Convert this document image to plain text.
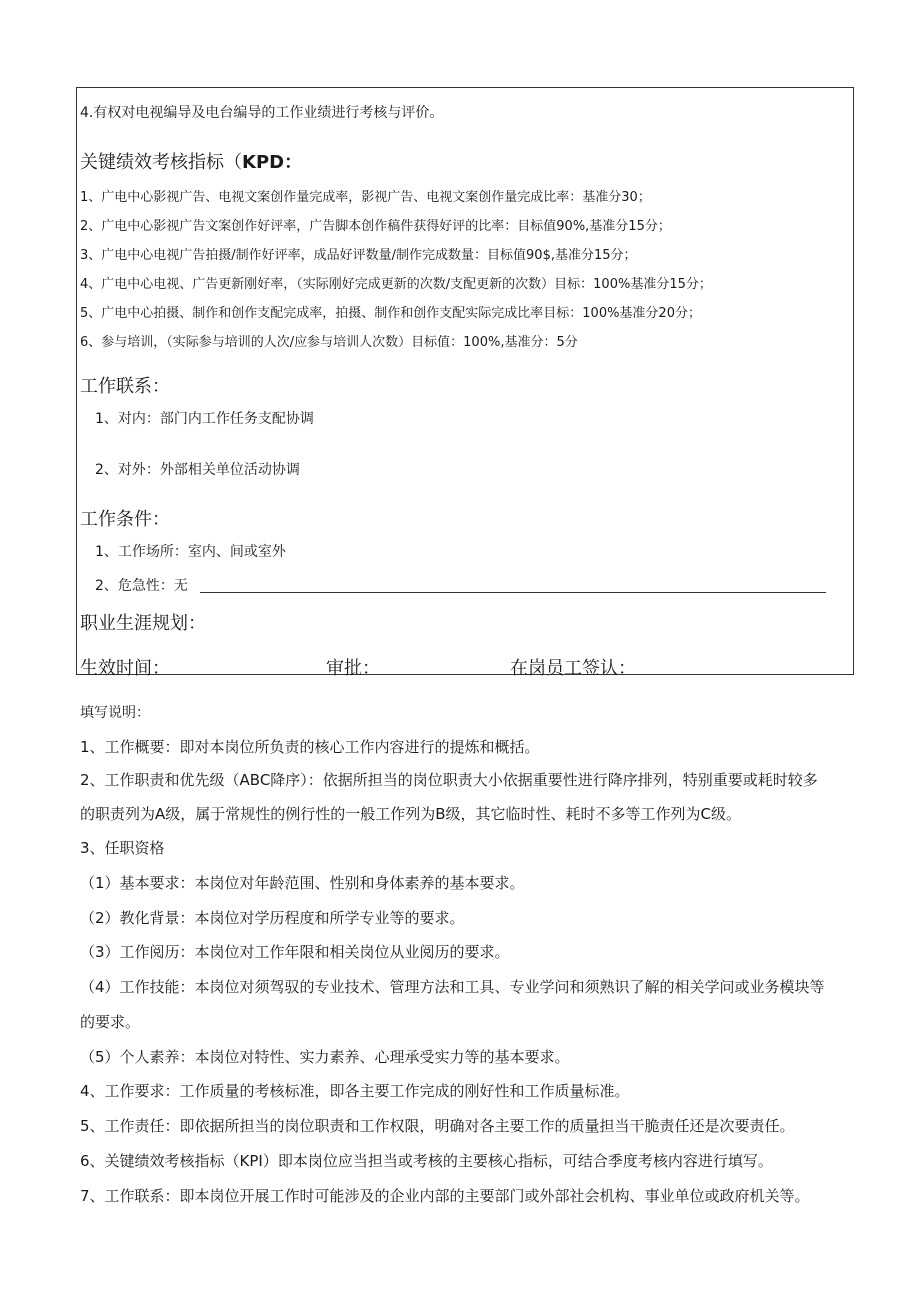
4.有权对电视编导及电台编导的工作业绩进行考核与评价。
关键绩效考核指标（KPD：
1、广电中心影视广告、电视文案创作量完成率，影视广告、电视文案创作量完成比率：基准分30；
2、广电中心影视广告文案创作好评率，广告脚本创作稿件获得好评的比率：目标值90%,基准分15分；
3、广电中心电视广告拍摄/制作好评率，成品好评数量/制作完成数量：目标值90$,基准分15分；
4、广电中心电视、广告更新刚好率，（实际刚好完成更新的次数/支配更新的次数）目标：100%基准分15分；
5、广电中心拍摄、制作和创作支配完成率，拍摄、制作和创作支配实际完成比率目标：100%基准分20分；
6、参与培训，（实际参与培训的人次/应参与培训人次数）目标值：100%,基准分：5分
工作联系：
1、对内：部门内工作任务支配协调
2、对外：外部相关单位活动协调
工作条件：
1、工作场所：室内、间或室外
2、危急性：无
职业生涯规划：
生效时间：	审批：	在岗员工签认：
填写说明：
1、工作概要：即对本岗位所负责的核心工作内容进行的提炼和概括。
2、工作职责和优先级（ABC降序）：依据所担当的岗位职责大小依据重要性进行降序排列，特别重要或耗时较多
的职责列为A级，属于常规性的例行性的一般工作列为B级，其它临时性、耗时不多等工作列为C级。
3、任职资格
（1）基本要求：本岗位对年龄范围、性别和身体素养的基本要求。
（2）教化背景：本岗位对学历程度和所学专业等的要求。
（3）工作阅历：本岗位对工作年限和相关岗位从业阅历的要求。
（4）工作技能：本岗位对须驾驭的专业技术、管理方法和工具、专业学问和须熟识了解的相关学问或业务模块等
的要求。
（5）个人素养：本岗位对特性、实力素养、心理承受实力等的基本要求。
4、工作要求：工作质量的考核标准，即各主要工作完成的刚好性和工作质量标准。
5、工作责任：即依据所担当的岗位职责和工作权限，明确对各主要工作的质量担当干脆责任还是次要责任。
6、关键绩效考核指标（KPI）即本岗位应当担当或考核的主要核心指标，可结合季度考核内容进行填写。
7、工作联系：即本岗位开展工作时可能涉及的企业内部的主要部门或外部社会机构、事业单位或政府机关等。
